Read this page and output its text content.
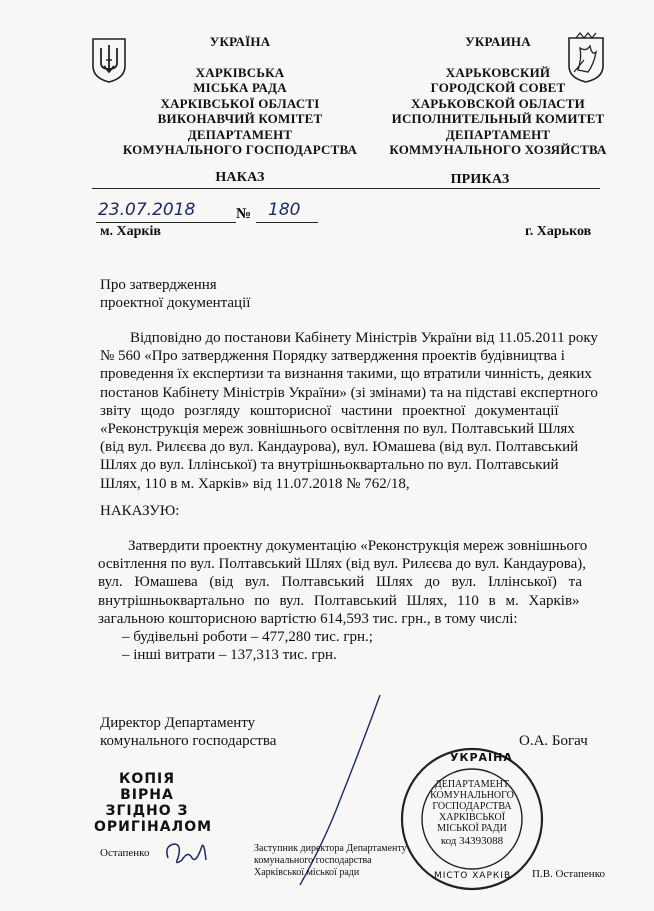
УКРАЇНА
ХАРКІВСЬКА
МІСЬКА РАДА
ХАРКІВСЬКОЇ ОБЛАСТІ
ВИКОНАВЧИЙ КОМІТЕТ
ДЕПАРТАМЕНТ
КОМУНАЛЬНОГО ГОСПОДАРСТВА
УКРАИНА
ХАРЬКОВСКИЙ
ГОРОДСКОЙ СОВЕТ
ХАРЬКОВСКОЙ ОБЛАСТИ
ИСПОЛНИТЕЛЬНЫЙ КОМИТЕТ
ДЕПАРТАМЕНТ
КОММУНАЛЬНОГО ХОЗЯЙСТВА
НАКАЗ	ПРИКАЗ
23.07.2018	№ 180
м. Харків	г. Харьков
Про затвердження
проектної документації
Відповідно до постанови Кабінету Міністрів України від 11.05.2011 року
№ 560 «Про затвердження Порядку затвердження проектів будівництва і
проведення їх експертизи та визнання такими, що втратили чинність, деяких
постанов Кабінету Міністрів України» (зі змінами) та на підставі експертного
звіту щодо розгляду кошторисної частини проектної документації
«Реконструкція мереж зовнішнього освітлення по вул. Полтавський Шлях
(від вул. Рилєєва до вул. Кандаурова), вул. Юмашева (від вул. Полтавський
Шлях до вул. Іллінської) та внутрішньоквартально по вул. Полтавський
Шлях, 110 в м. Харків» від 11.07.2018 № 762/18,
НАКАЗУЮ:
Затвердити проектну документацію «Реконструкція мереж зовнішнього
освітлення по вул. Полтавський Шлях (від вул. Рилєєва до вул. Кандаурова),
вул. Юмашева (від вул. Полтавський Шлях до вул. Іллінської) та
внутрішньоквартально по вул. Полтавський Шлях, 110 в м. Харків»
загальною кошторисною вартістю 614,593 тис. грн., в тому числі:
– будівельні роботи – 477,280 тис. грн.;
– інші витрати – 137,313 тис. грн.
Директор Департаменту
комунального господарства	О.А. Богач
КОПІЯ ВІРНА
ЗГІДНО З
ОРИГІНАЛОМ
УКРАЇНА
ДЕПАРТАМЕНТ
КОМУНАЛЬНОГО
ГОСПОДАРСТВА
ХАРКІВСЬКОЇ
МІСЬКОЇ РАДИ
код 34393088
МІСТО ХАРКІВ
Остапенко	Заступник директора Департаменту
комунального господарства
Харківської міської ради	П.В. Остапенко
